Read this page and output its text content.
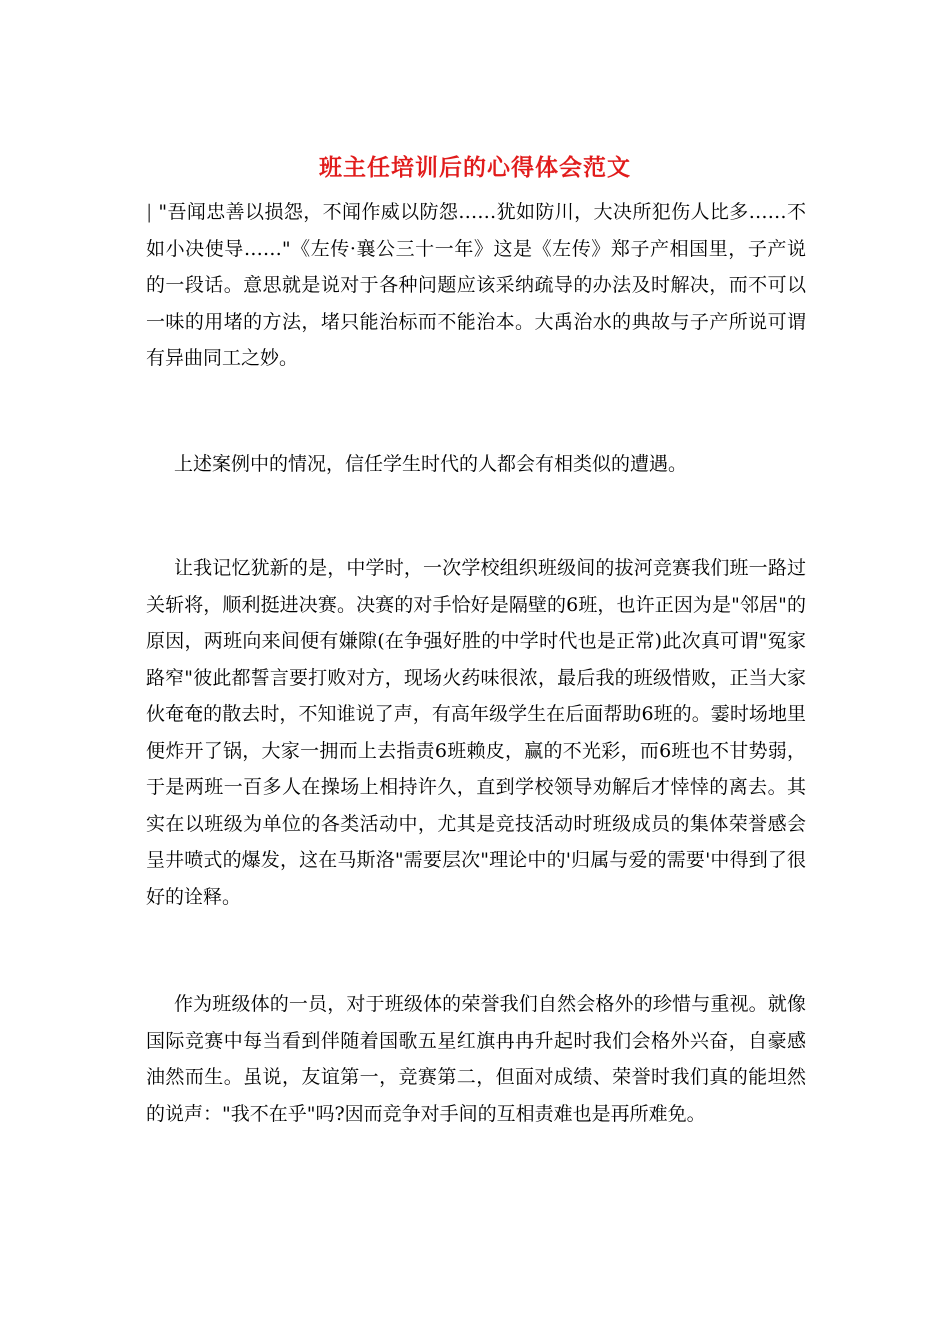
班主任培训后的心得体会范文
| "吾闻忠善以损怨，不闻作威以防怨……犹如防川，大决所犯伤人比多……不如小决使导……"《左传·襄公三十一年》这是《左传》郑子产相国里，子产说的一段话。意思就是说对于各种问题应该采纳疏导的办法及时解决，而不可以一味的用堵的方法，堵只能治标而不能治本。大禹治水的典故与子产所说可谓有异曲同工之妙。
上述案例中的情况，信任学生时代的人都会有相类似的遭遇。
让我记忆犹新的是，中学时，一次学校组织班级间的拔河竞赛我们班一路过关斩将，顺利挺进决赛。决赛的对手恰好是隔壁的6班，也许正因为是"邻居"的原因，两班向来间便有嫌隙(在争强好胜的中学时代也是正常)此次真可谓"冤家路窄"彼此都誓言要打败对方，现场火药味很浓，最后我的班级惜败，正当大家伙奄奄的散去时，不知谁说了声，有高年级学生在后面帮助6班的。霎时场地里便炸开了锅，大家一拥而上去指责6班赖皮，赢的不光彩，而6班也不甘势弱，于是两班一百多人在操场上相持许久，直到学校领导劝解后才悻悻的离去。其实在以班级为单位的各类活动中，尤其是竞技活动时班级成员的集体荣誉感会呈井喷式的爆发，这在马斯洛"需要层次"理论中的'归属与爱的需要'中得到了很好的诠释。
作为班级体的一员，对于班级体的荣誉我们自然会格外的珍惜与重视。就像国际竞赛中每当看到伴随着国歌五星红旗冉冉升起时我们会格外兴奋，自豪感油然而生。虽说，友谊第一，竞赛第二，但面对成绩、荣誉时我们真的能坦然的说声："我不在乎"吗?因而竞争对手间的互相责难也是再所难免。
